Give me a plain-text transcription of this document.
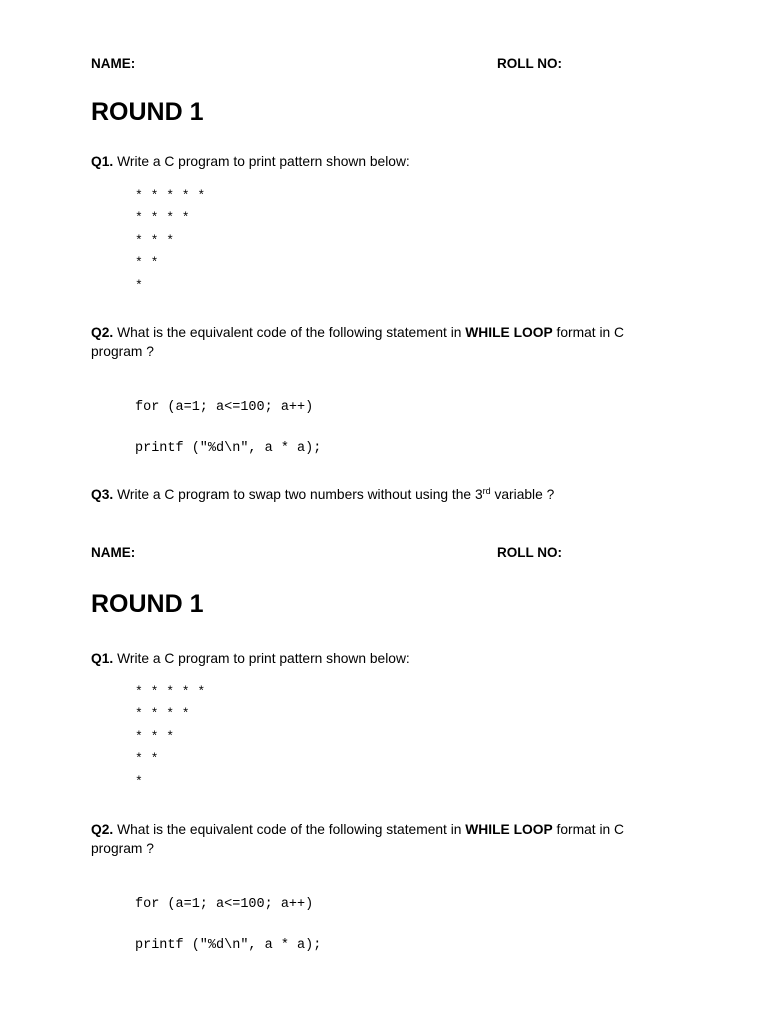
NAME:	ROLL NO:
ROUND 1
Q1. Write a C program to print pattern shown below:
* * * * *
* * * *
* * *
* *
*
Q2. What is the equivalent code of the following statement in WHILE LOOP format in C program ?
for (a=1; a<=100; a++)
printf ("%d\n", a * a);
Q3. Write a C program to swap two numbers without using the 3rd variable ?
NAME:	ROLL NO:
ROUND 1
Q1. Write a C program to print pattern shown below:
* * * * *
* * * *
* * *
* *
*
Q2. What is the equivalent code of the following statement in WHILE LOOP format in C program ?
for (a=1; a<=100; a++)
printf ("%d\n", a * a);
